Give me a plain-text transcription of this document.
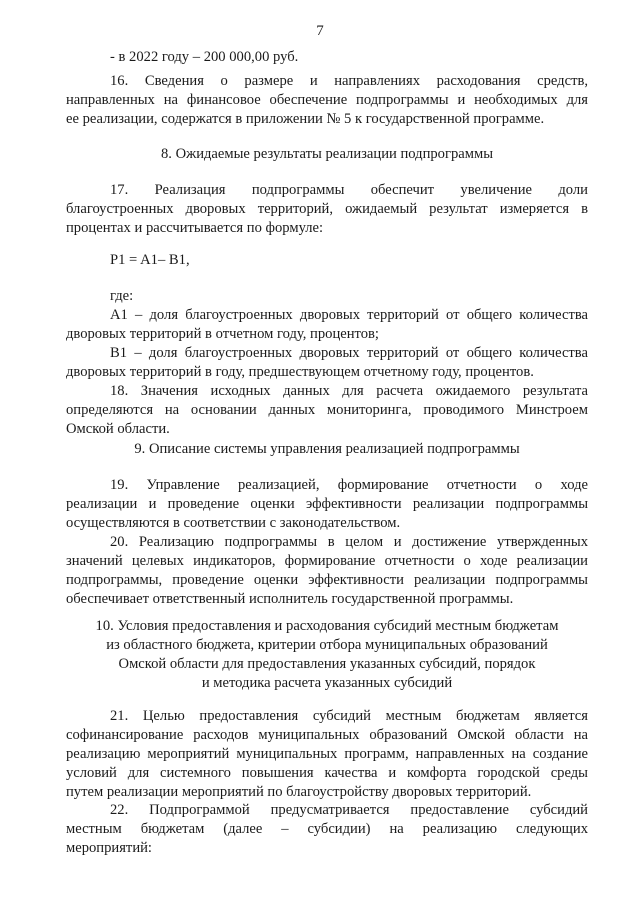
7
- в 2022 году – 200 000,00 руб.
16. Сведения о размере и направлениях расходования средств,
направленных на финансовое обеспечение подпрограммы и необходимых для
ее реализации, содержатся в приложении № 5 к государственной программе.
8. Ожидаемые результаты реализации подпрограммы
17. Реализация подпрограммы обеспечит увеличение доли
благоустроенных дворовых территорий, ожидаемый результат измеряется в
процентах и рассчитывается по формуле:
P1 = A1– B1,
где:
А1 – доля благоустроенных дворовых территорий от общего количества
дворовых территорий в отчетном году, процентов;
В1 – доля благоустроенных дворовых территорий от общего количества
дворовых территорий в году, предшествующем отчетному году, процентов.
18. Значения исходных данных для расчета ожидаемого результата
определяются на основании данных мониторинга, проводимого Минстроем
Омской области.
9. Описание системы управления реализацией подпрограммы
19. Управление реализацией, формирование отчетности о ходе
реализации и проведение оценки эффективности реализации подпрограммы
осуществляются в соответствии с законодательством.
20. Реализацию подпрограммы в целом и достижение утвержденных
значений целевых индикаторов, формирование отчетности о ходе реализации
подпрограммы, проведение оценки эффективности реализации подпрограммы
обеспечивает ответственный исполнитель государственной программы.
10. Условия предоставления и расходования субсидий местным бюджетам
из областного бюджета, критерии отбора муниципальных образований
Омской области для предоставления указанных субсидий, порядок
и методика расчета указанных субсидий
21. Целью предоставления субсидий местным бюджетам является
софинансирование расходов муниципальных образований Омской области на
реализацию мероприятий муниципальных программ, направленных на создание
условий для системного повышения качества и комфорта городской среды
путем реализации мероприятий по благоустройству дворовых территорий.
22. Подпрограммой предусматривается предоставление субсидий
местным бюджетам (далее – субсидии) на реализацию следующих
мероприятий:
